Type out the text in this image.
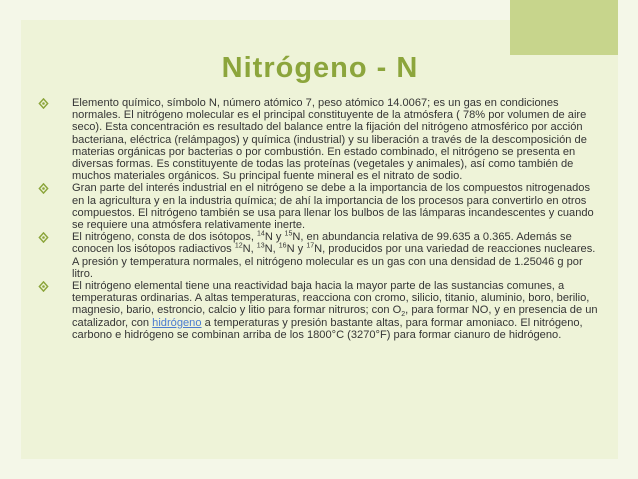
Nitrógeno - N
Elemento químico, símbolo N, número atómico 7, peso atómico 14.0067; es un gas en condiciones normales. El nitrógeno molecular es el principal constituyente de la atmósfera ( 78% por volumen de aire seco). Esta concentración es resultado del balance entre la fijación del nitrógeno atmosférico por acción bacteriana, eléctrica (relámpagos) y química (industrial) y su liberación a través de la descomposición de materias orgánicas por bacterias o por combustión. En estado combinado, el nitrógeno se presenta en diversas formas. Es constituyente de todas las proteínas (vegetales y animales), así como también de muchos materiales orgánicos. Su principal fuente mineral es el nitrato de sodio.
Gran parte del interés industrial en el nitrógeno se debe a la importancia de los compuestos nitrogenados en la agricultura y en la industria química; de ahí la importancia de los procesos para convertirlo en otros compuestos. El nitrógeno también se usa para llenar los bulbos de las lámparas incandescentes y cuando se requiere una atmósfera relativamente inerte.
El nitrógeno, consta de dos isótopos, $^{14}$N y $^{15}$N, en abundancia relativa de 99.635 a 0.365. Además se conocen los isótopos radiactivos $^{12}$N, $^{13}$N, $^{16}$N y $^{17}$N, producidos por una variedad de reacciones nucleares. A presión y temperatura normales, el nitrógeno molecular es un gas con una densidad de 1.25046 g por litro.
El nitrógeno elemental tiene una reactividad baja hacia la mayor parte de las sustancias comunes, a temperaturas ordinarias. A altas temperaturas, reacciona con cromo, silicio, titanio, aluminio, boro, berilio, magnesio, bario, estroncio, calcio y litio para formar nitruros; con $O_2$, para formar NO, y en presencia de un catalizador, con hidrógeno a temperaturas y presión bastante altas, para formar amoniaco. El nitrógeno, carbono e hidrógeno se combinan arriba de los 1800°C (3270°F) para formar cianuro de hidrógeno.
